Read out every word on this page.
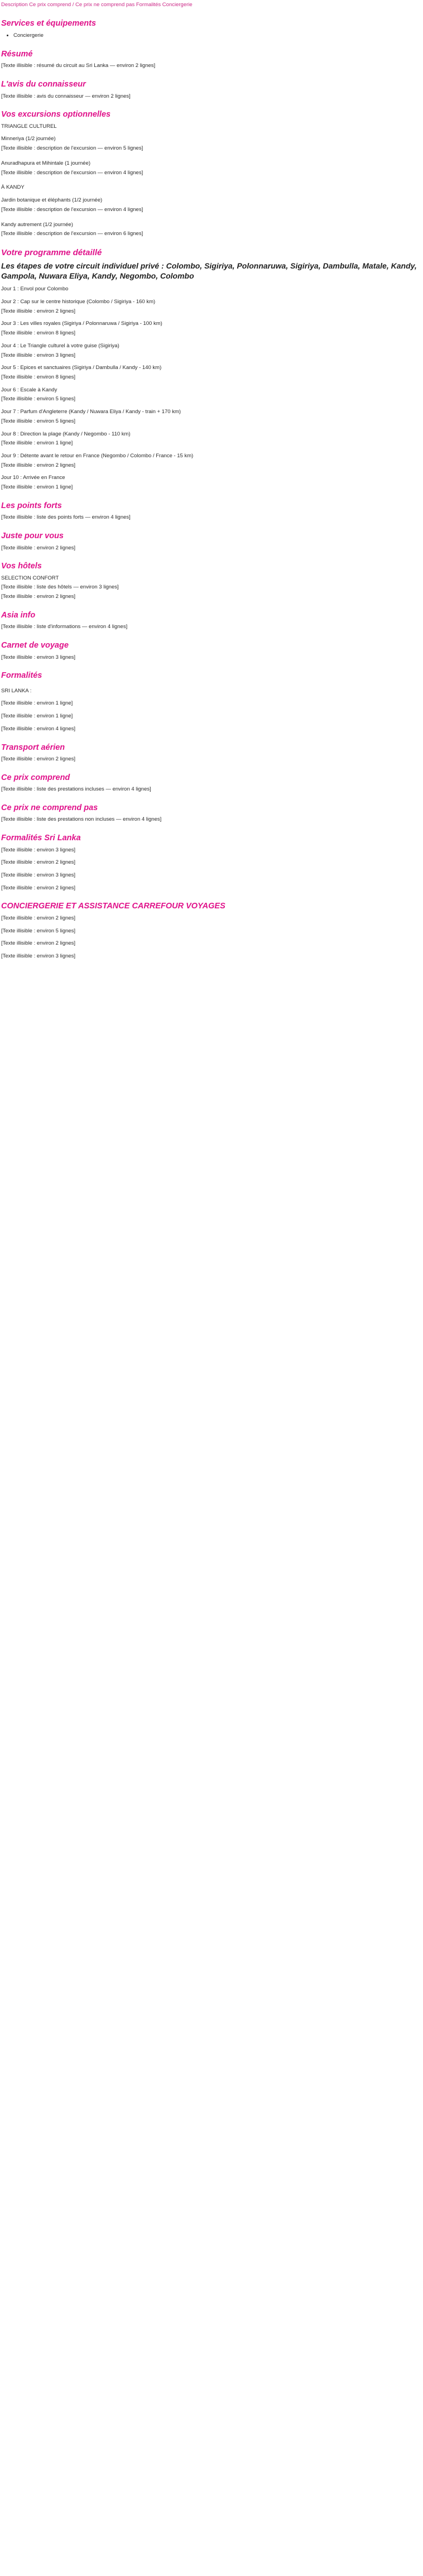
Description Ce prix comprend / Ce prix ne comprend pas Formalités Conciergerie
Services et équipements
• Conciergerie
Résumé

[Texte illisible : résumé du circuit au Sri Lanka — environ 2 lignes]

L'avis du connaisseur

[Texte illisible : avis du connaisseur — environ 2 lignes]

Vos excursions optionnelles

TRIANGLE CULTUREL

Minneriya (1/2 journée)

[Texte illisible : description de l'excursion — environ 5 lignes]

Anuradhapura et Mihintale (1 journée)

[Texte illisible : description de l'excursion — environ 4 lignes]

À KANDY

Jardin botanique et éléphants (1/2 journée)

[Texte illisible : description de l'excursion — environ 4 lignes]

Kandy autrement (1/2 journée)

[Texte illisible : description de l'excursion — environ 6 lignes]

Votre programme détaillé
Les étapes de votre circuit individuel privé : Colombo, Sigiriya, Polonnaruwa, Sigiriya, Dambulla, Matale, Kandy, Gampola, Nuwara Eliya, Kandy, Negombo, Colombo

Jour 1 : Envol pour Colombo

Jour 2 : Cap sur le centre historique (Colombo / Sigiriya - 160 km)

[Texte illisible : environ 2 lignes]

Jour 3 : Les villes royales (Sigiriya / Polonnaruwa / Sigiriya - 100 km)

[Texte illisible : environ 8 lignes]

Jour 4 : Le Triangle culturel à votre guise (Sigiriya)

[Texte illisible : environ 3 lignes]

Jour 5 : Epices et sanctuaires (Sigiriya / Dambulla / Kandy - 140 km)

[Texte illisible : environ 8 lignes]

Jour 6 : Escale à Kandy

[Texte illisible : environ 5 lignes]

Jour 7 : Parfum d'Angleterre (Kandy / Nuwara Eliya / Kandy - train + 170 km)

[Texte illisible : environ 5 lignes]

Jour 8 : Direction la plage (Kandy / Negombo - 110 km)

[Texte illisible : environ 1 ligne]

Jour 9 : Détente avant le retour en France (Negombo / Colombo / France - 15 km)

[Texte illisible : environ 2 lignes]

Jour 10 : Arrivée en France

[Texte illisible : environ 1 ligne]

Les points forts

[Texte illisible : liste des points forts — environ 4 lignes]

Juste pour vous

[Texte illisible : environ 2 lignes]

Vos hôtels

SELECTION CONFORT

[Texte illisible : liste des hôtels — environ 3 lignes]

[Texte illisible : environ 2 lignes]

Asia info

[Texte illisible : liste d'informations — environ 4 lignes]

Carnet de voyage

[Texte illisible : environ 3 lignes]

Formalités

SRI LANKA :

[Texte illisible : environ 1 ligne]

[Texte illisible : environ 1 ligne]

[Texte illisible : environ 4 lignes]

Transport aérien

[Texte illisible : environ 2 lignes]

Ce prix comprend

[Texte illisible : liste des prestations incluses — environ 4 lignes]

Ce prix ne comprend pas

[Texte illisible : liste des prestations non incluses — environ 4 lignes]

Formalités Sri Lanka

[Texte illisible : environ 3 lignes]

[Texte illisible : environ 2 lignes]

[Texte illisible : environ 3 lignes]

[Texte illisible : environ 2 lignes]

CONCIERGERIE ET ASSISTANCE CARREFOUR VOYAGES

[Texte illisible : environ 2 lignes]

[Texte illisible : environ 5 lignes]

[Texte illisible : environ 2 lignes]

[Texte illisible : environ 3 lignes]
